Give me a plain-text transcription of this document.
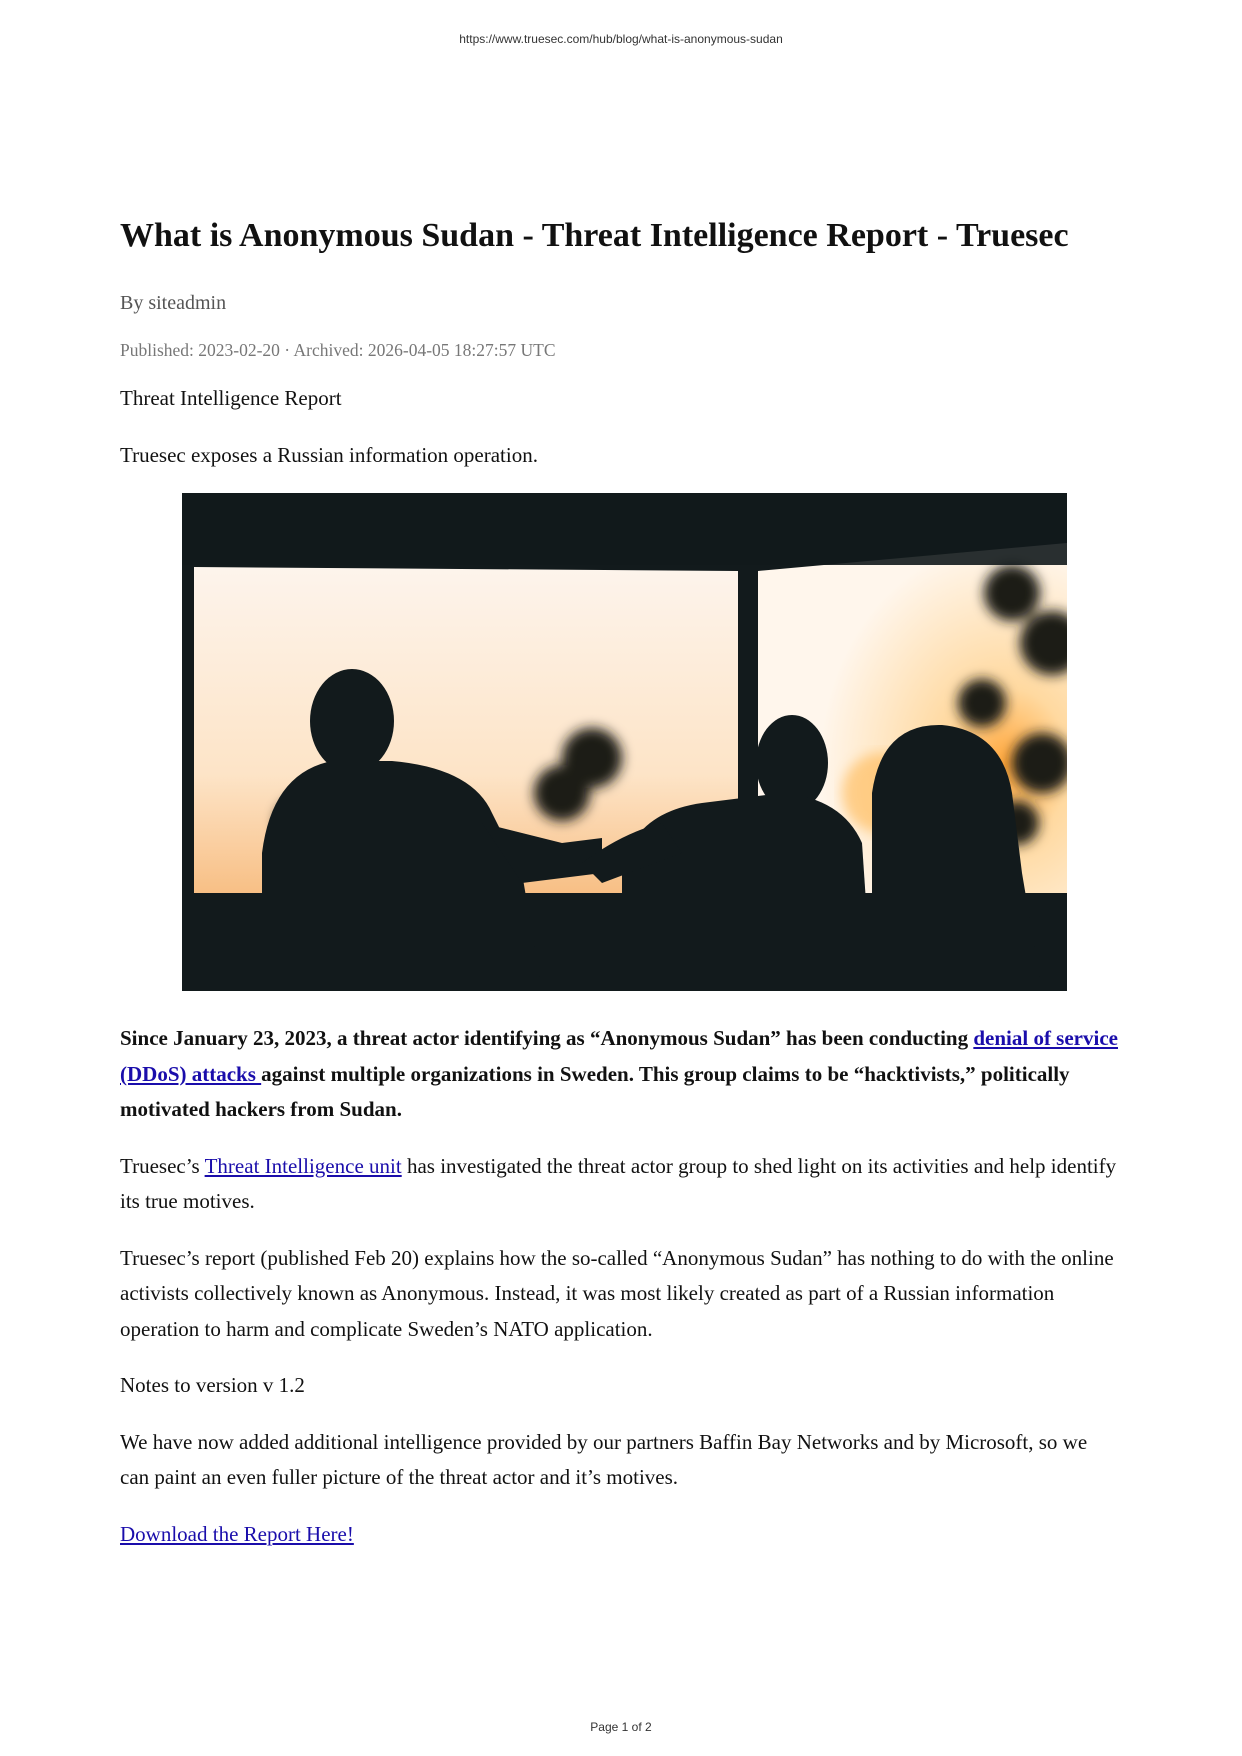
https://www.truesec.com/hub/blog/what-is-anonymous-sudan
What is Anonymous Sudan - Threat Intelligence Report - Truesec
By siteadmin
Published: 2023-02-20 · Archived: 2026-04-05 18:27:57 UTC

Threat Intelligence Report

Truesec exposes a Russian information operation.

Since January 23, 2023, a threat actor identifying as “Anonymous Sudan” has been conducting denial of service (DDoS) attacks against multiple organizations in Sweden. This group claims to be “hacktivists,” politically motivated hackers from Sudan.

Truesec’s Threat Intelligence unit has investigated the threat actor group to shed light on its activities and help identify its true motives.

Truesec’s report (published Feb 20) explains how the so-called “Anonymous Sudan” has nothing to do with the online activists collectively known as Anonymous. Instead, it was most likely created as part of a Russian information operation to harm and complicate Sweden’s NATO application.

Notes to version v 1.2

We have now added additional intelligence provided by our partners Baffin Bay Networks and by Microsoft, so we can paint an even fuller picture of the threat actor and it’s motives.

Download the Report Here!

Page 1 of 2
